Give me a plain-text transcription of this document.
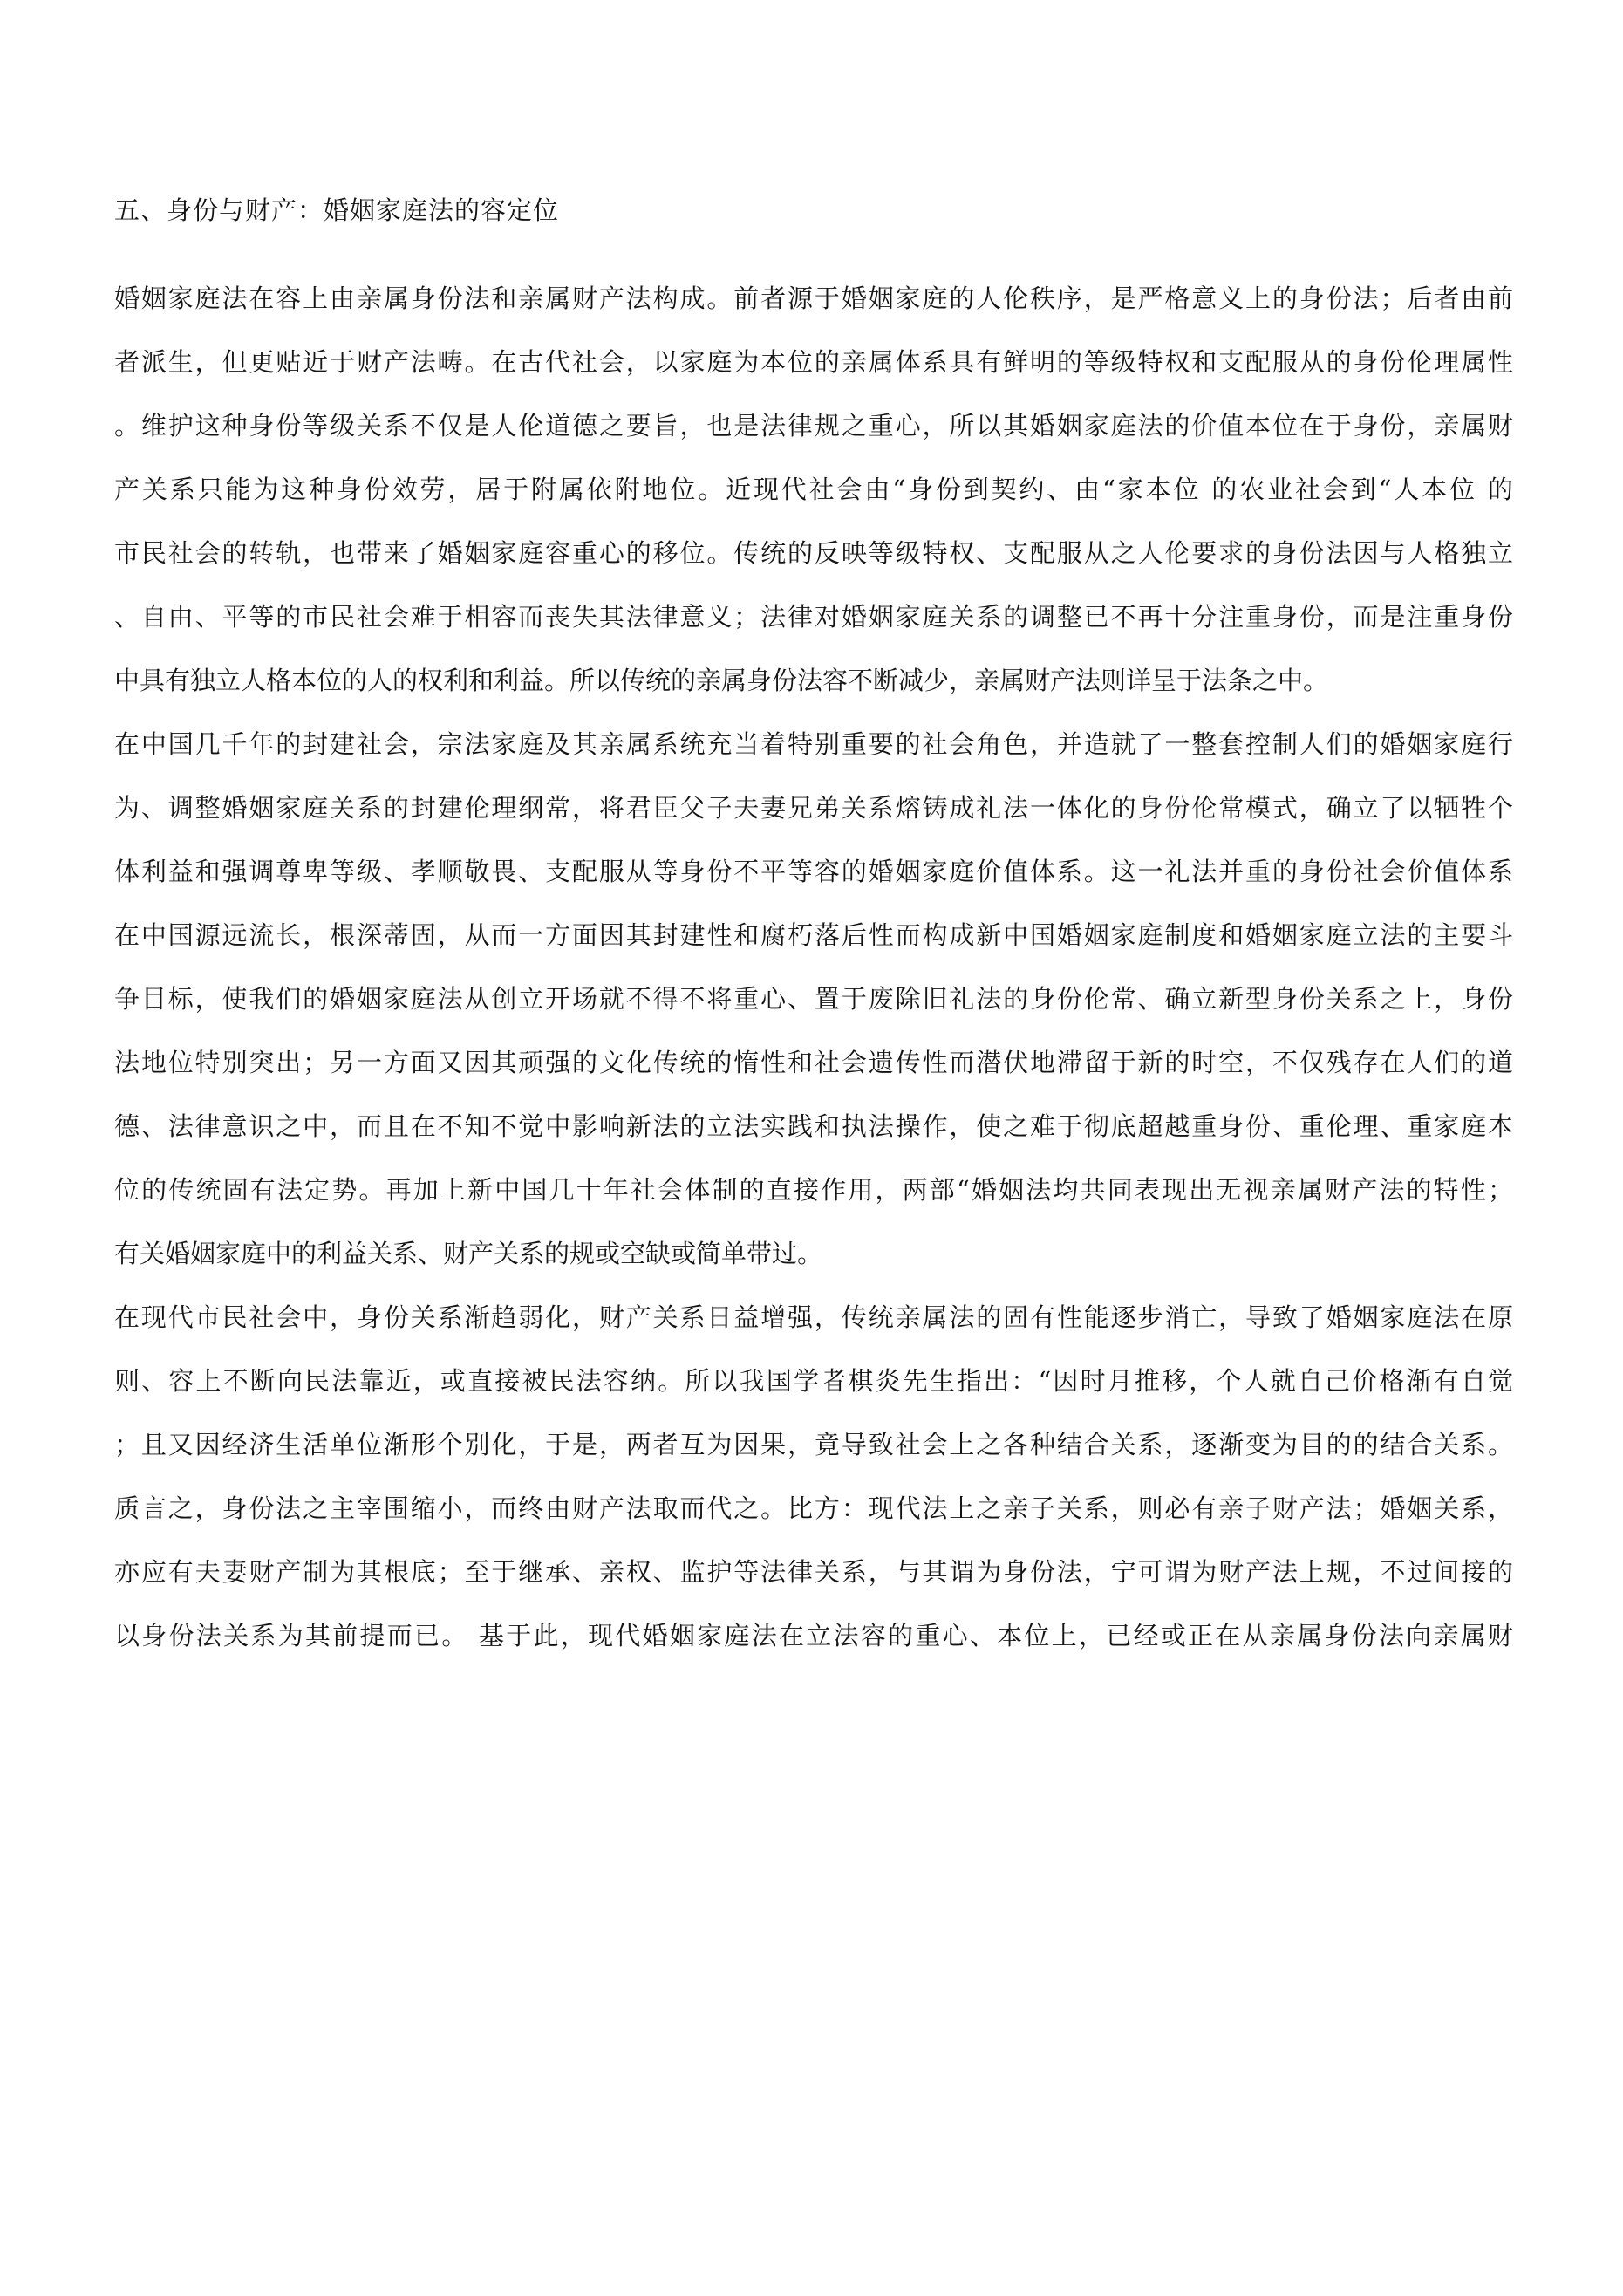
五、身份与财产：婚姻家庭法的容定位
婚姻家庭法在容上由亲属身份法和亲属财产法构成。前者源于婚姻家庭的人伦秩序，是严格意义上的身份法；后者由前
者派生，但更贴近于财产法畴。在古代社会，以家庭为本位的亲属体系具有鲜明的等级特权和支配服从的身份伦理属性
。维护这种身份等级关系不仅是人伦道德之要旨，也是法律规之重心，所以其婚姻家庭法的价值本位在于身份，亲属财
产关系只能为这种身份效劳，居于附属依附地位。近现代社会由“身份到契约、由“家本位 的农业社会到“人本位 的
市民社会的转轨，也带来了婚姻家庭容重心的移位。传统的反映等级特权、支配服从之人伦要求的身份法因与人格独立
、自由、平等的市民社会难于相容而丧失其法律意义；法律对婚姻家庭关系的调整已不再十分注重身份，而是注重身份
中具有独立人格本位的人的权利和利益。所以传统的亲属身份法容不断减少，亲属财产法则详呈于法条之中。
在中国几千年的封建社会，宗法家庭及其亲属系统充当着特别重要的社会角色，并造就了一整套控制人们的婚姻家庭行
为、调整婚姻家庭关系的封建伦理纲常，将君臣父子夫妻兄弟关系熔铸成礼法一体化的身份伦常模式，确立了以牺牲个
体利益和强调尊卑等级、孝顺敬畏、支配服从等身份不平等容的婚姻家庭价值体系。这一礼法并重的身份社会价值体系
在中国源远流长，根深蒂固，从而一方面因其封建性和腐朽落后性而构成新中国婚姻家庭制度和婚姻家庭立法的主要斗
争目标，使我们的婚姻家庭法从创立开场就不得不将重心、置于废除旧礼法的身份伦常、确立新型身份关系之上，身份
法地位特别突出；另一方面又因其顽强的文化传统的惰性和社会遗传性而潜伏地滞留于新的时空，不仅残存在人们的道
德、法律意识之中，而且在不知不觉中影响新法的立法实践和执法操作，使之难于彻底超越重身份、重伦理、重家庭本
位的传统固有法定势。再加上新中国几十年社会体制的直接作用，两部“婚姻法均共同表现出无视亲属财产法的特性；
有关婚姻家庭中的利益关系、财产关系的规或空缺或简单带过。
在现代市民社会中，身份关系渐趋弱化，财产关系日益增强，传统亲属法的固有性能逐步消亡，导致了婚姻家庭法在原
则、容上不断向民法靠近，或直接被民法容纳。所以我国学者棋炎先生指出：“因时月推移，个人就自己价格渐有自觉
；且又因经济生活单位渐形个别化，于是，两者互为因果，竟导致社会上之各种结合关系，逐渐变为目的的结合关系。
质言之，身份法之主宰围缩小，而终由财产法取而代之。比方：现代法上之亲子关系，则必有亲子财产法；婚姻关系，
亦应有夫妻财产制为其根底；至于继承、亲权、监护等法律关系，与其谓为身份法，宁可谓为财产法上规，不过间接的
以身份法关系为其前提而已。 基于此，现代婚姻家庭法在立法容的重心、本位上，已经或正在从亲属身份法向亲属财
